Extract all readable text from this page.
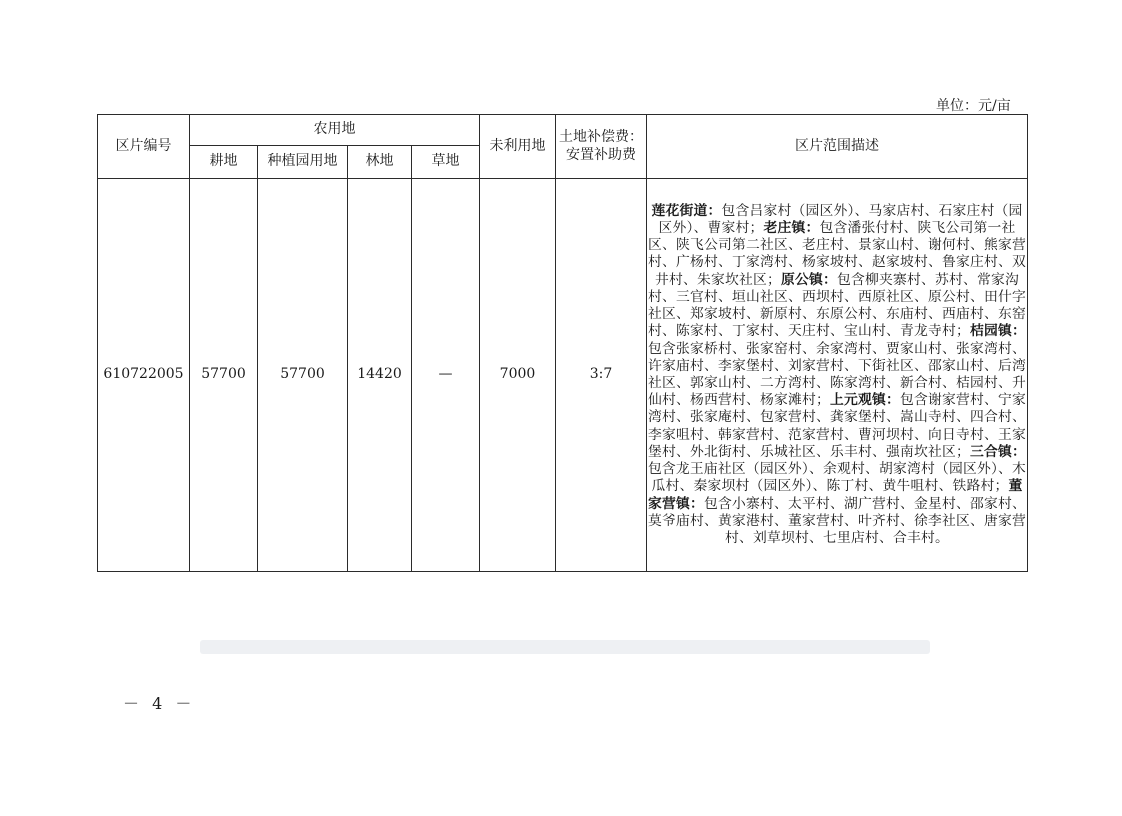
单位：元/亩
区片编号	农用地				未利用地	土地补偿费：安置补助费	区片范围描述
	耕地	种植园用地	林地	草地			
610722005	57700	57700	14420	—	7000	3:7	莲花街道：包含吕家村（园区外）、马家店村、石家庄村（园区外）、曹家村；老庄镇：包含潘张付村、陕飞公司第一社区、陕飞公司第二社区、老庄村、景家山村、谢何村、熊家营村、广杨村、丁家湾村、杨家坡村、赵家坡村、鲁家庄村、双井村、朱家坎社区；原公镇：包含柳夹寨村、苏村、常家沟村、三官村、垣山社区、西坝村、西原社区、原公村、田什字社区、郑家坡村、新原村、东原公村、东庙村、西庙村、东窑村、陈家村、丁家村、天庄村、宝山村、青龙寺村；桔园镇：包含张家桥村、张家窑村、余家湾村、贾家山村、张家湾村、许家庙村、李家堡村、刘家营村、下街社区、邵家山村、后湾社区、郭家山村、二方湾村、陈家湾村、新合村、桔园村、升仙村、杨西营村、杨家滩村；上元观镇：包含谢家营村、宁家湾村、张家庵村、包家营村、龚家堡村、嵩山寺村、四合村、李家咀村、韩家营村、范家营村、曹河坝村、向日寺村、王家堡村、外北街村、乐城社区、乐丰村、强南坎社区；三合镇：包含龙王庙社区（园区外）、余观村、胡家湾村（园区外）、木瓜村、秦家坝村（园区外）、陈丁村、黄牛咀村、铁路村；董家营镇：包含小寨村、太平村、湖广营村、金星村、邵家村、莫爷庙村、黄家港村、董家营村、叶齐村、徐李社区、唐家营村、刘草坝村、七里店村、合丰村。
－ 4 －
